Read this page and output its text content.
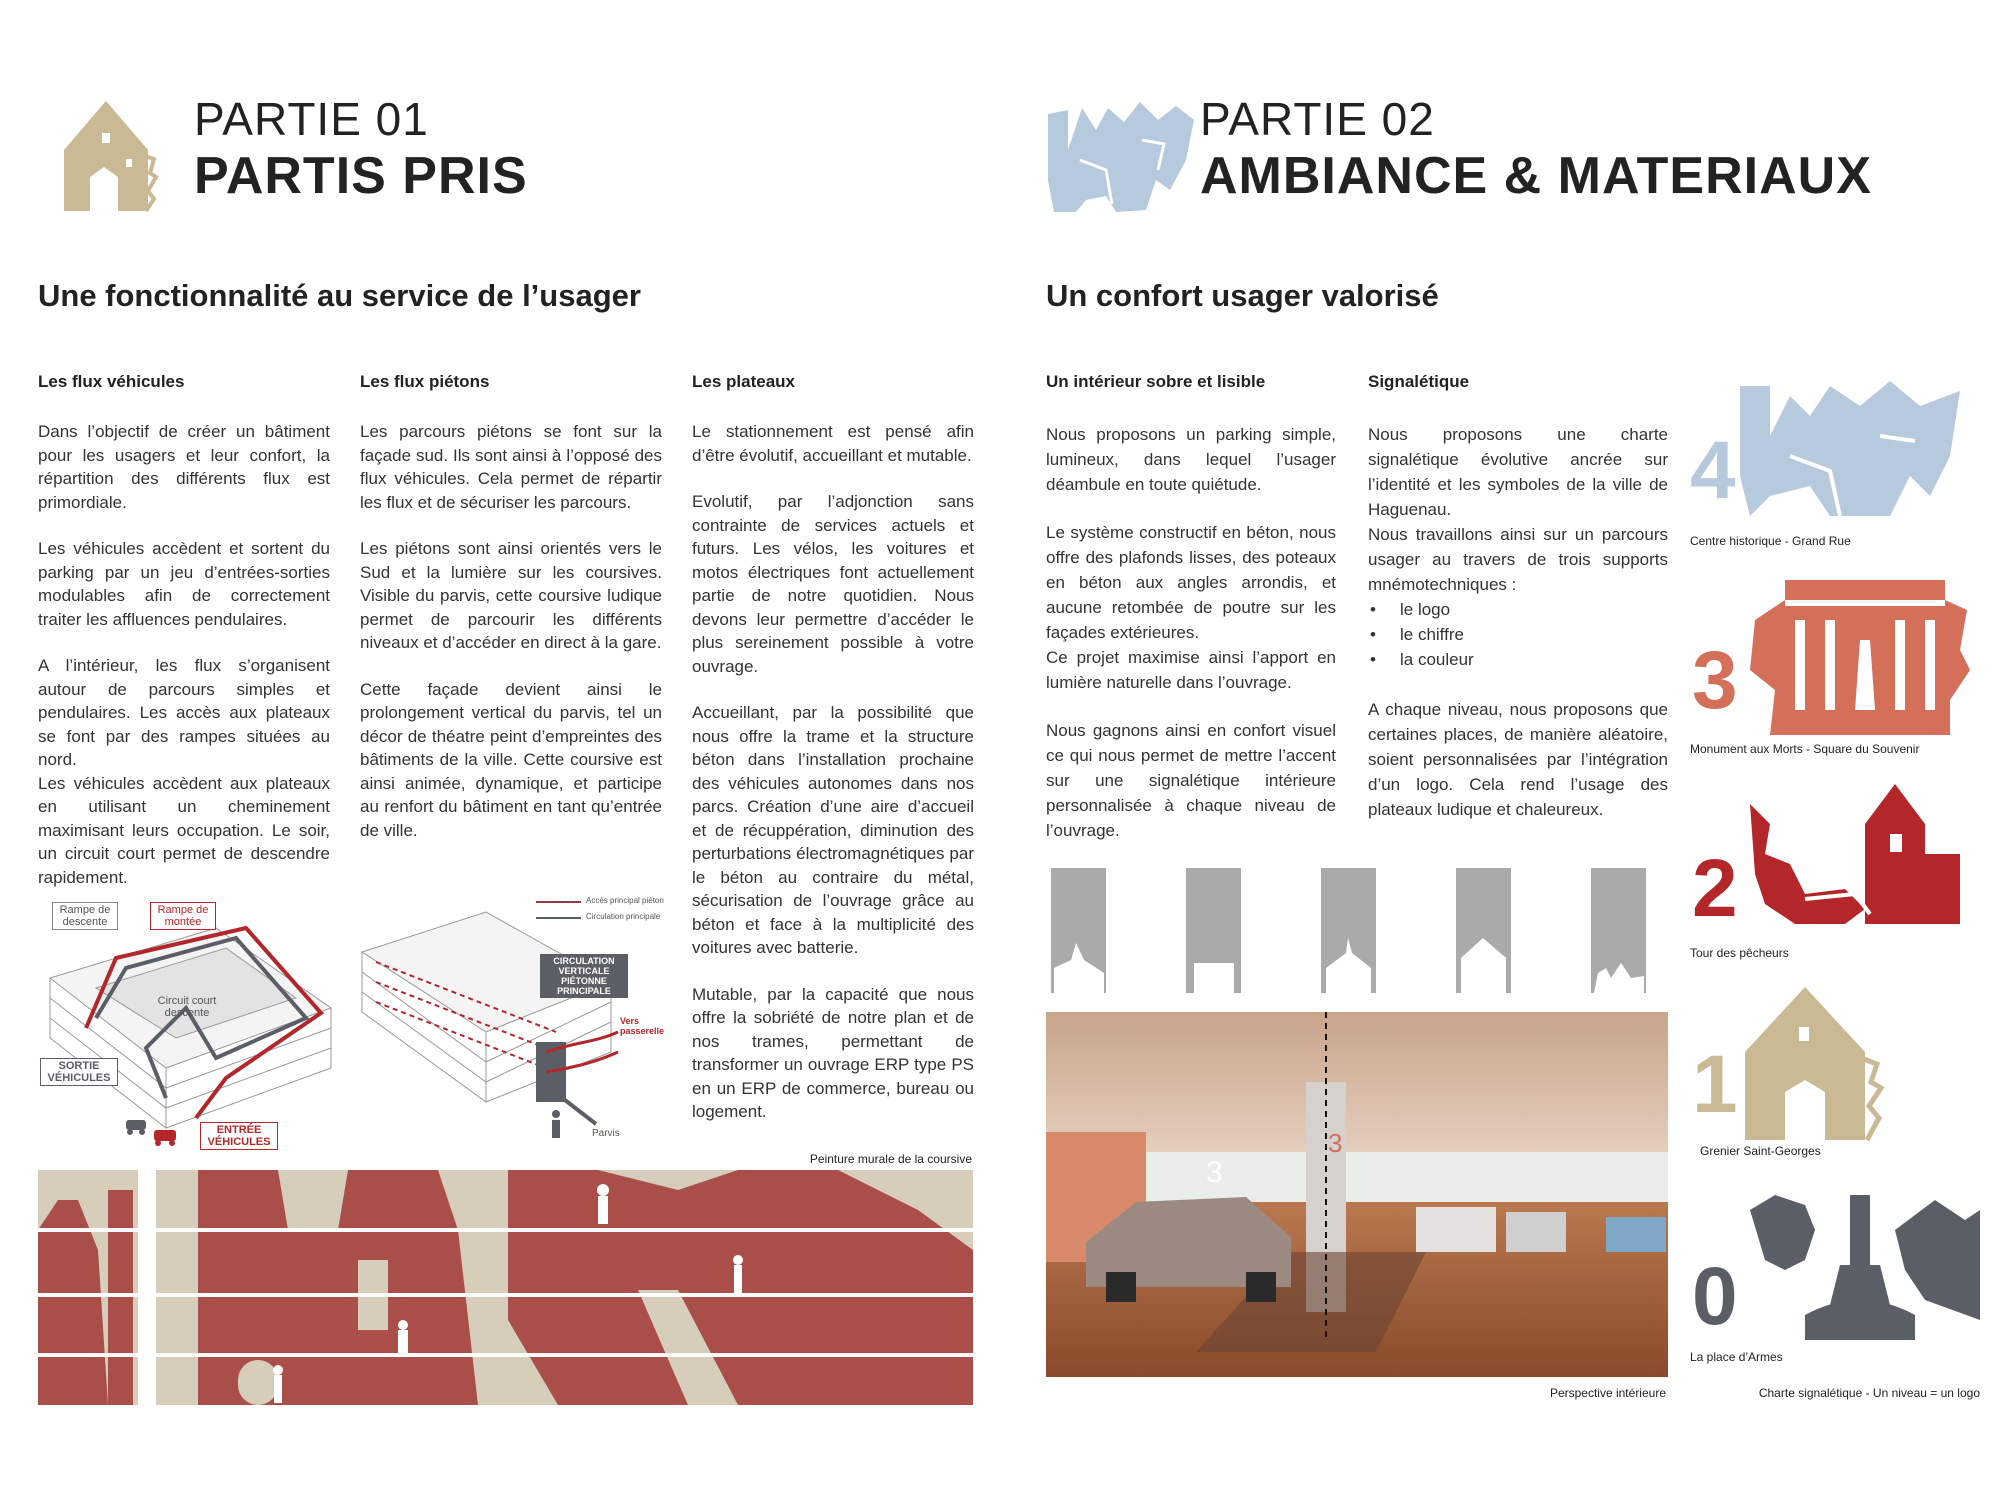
PARTIE 01
PARTIS PRIS
Une fonctionnalité au service de l’usager
PARTIE 02
AMBIANCE & MATERIAUX
Un confort usager valorisé
Les flux véhicules

Dans l’objectif de créer un bâtiment pour les usagers et leur confort, la répartition des différents flux est primordiale.

Les véhicules accèdent et sortent du parking par un jeu d’entrées-sorties modulables afin de correctement traiter les affluences pendulaires.

A l’intérieur, les flux s’organisent autour de parcours simples et pendulaires. Les accès aux plateaux se font par des rampes situées au nord.

Les véhicules accèdent aux plateaux en utilisant un cheminement maximisant leurs occupation. Le soir, un circuit court permet de descendre rapidement.

Les flux piétons

Les parcours piétons se font sur la façade sud. Ils sont ainsi à l’opposé des flux véhicules. Cela permet de répartir les flux et de sécuriser les parcours.

Les piétons sont ainsi orientés vers le Sud et la lumière sur les coursives. Visible du parvis, cette coursive ludique permet de parcourir les différents niveaux et d’accéder en direct à la gare.

Cette façade devient ainsi le prolongement vertical du parvis, tel un décor de théatre peint d’empreintes des bâtiments de la ville. Cette coursive est ainsi animée, dynamique, et participe au renfort du bâtiment en tant qu’entrée de ville.

Les plateaux

Le stationnement est pensé afin d’être évolutif, accueillant et mutable.

Evolutif, par l’adjonction sans contrainte de services actuels et futurs. Les vélos, les voitures et motos électriques font actuellement partie de notre quotidien. Nous devons leur permettre d’accéder le plus sereinement possible à votre ouvrage.

Accueillant, par la possibilité que nous offre la trame et la structure béton dans l’installation prochaine des véhicules autonomes dans nos parcs. Création d’une aire d’accueil et de récuppération, diminution des perturbations électromagnétiques par le béton au contraire du métal, sécurisation de l’ouvrage grâce au béton et face à la multiplicité des voitures avec batterie.

Mutable, par la capacité que nous offre la sobriété de notre plan et de nos trames, permettant de transformer un ouvrage ERP type PS en un ERP de commerce, bureau ou logement.

Rampe de descente
Rampe de montée
Circuit court descente
SORTIE VÉHICULES
ENTRÉE VÉHICULES
Accès principal piéton
Circulation principale
CIRCULATION VERTICALE PIÉTONNE PRINCIPALE
Vers passerelle
Parvis
Peinture murale de la coursive
Un intérieur sobre et lisible

Nous proposons un parking simple, lumineux, dans lequel l’usager déambule en toute quiétude.

Le système constructif en béton, nous offre des plafonds lisses, des poteaux en béton aux angles arrondis, et aucune retombée de poutre sur les façades extérieures.

Ce projet maximise ainsi l’apport en lumière naturelle dans l’ouvrage.

Nous gagnons ainsi en confort visuel ce qui nous permet de mettre l’accent sur une signalétique intérieure personnalisée à chaque niveau de l’ouvrage.

Signalétique
Nous proposons une charte signalétique évolutive ancrée sur l’identité et les symboles de la ville de Haguenau.
Nous travaillons ainsi sur un parcours usager au travers de trois supports mnémotechniques :
• le logo
• le chiffre
• la couleur

A chaque niveau, nous proposons que certaines places, de manière aléatoire, soient personnalisées par l’intégration d’un logo. Cela rend l’usage des plateaux ludique et chaleureux.

3
3
Perspective intérieure
4
Centre historique - Grand Rue
3
Monument aux Morts - Square du Souvenir
2
Tour des pêcheurs
1
Grenier Saint-Georges
0
La place d’Armes
Charte signalétique - Un niveau = un logo
